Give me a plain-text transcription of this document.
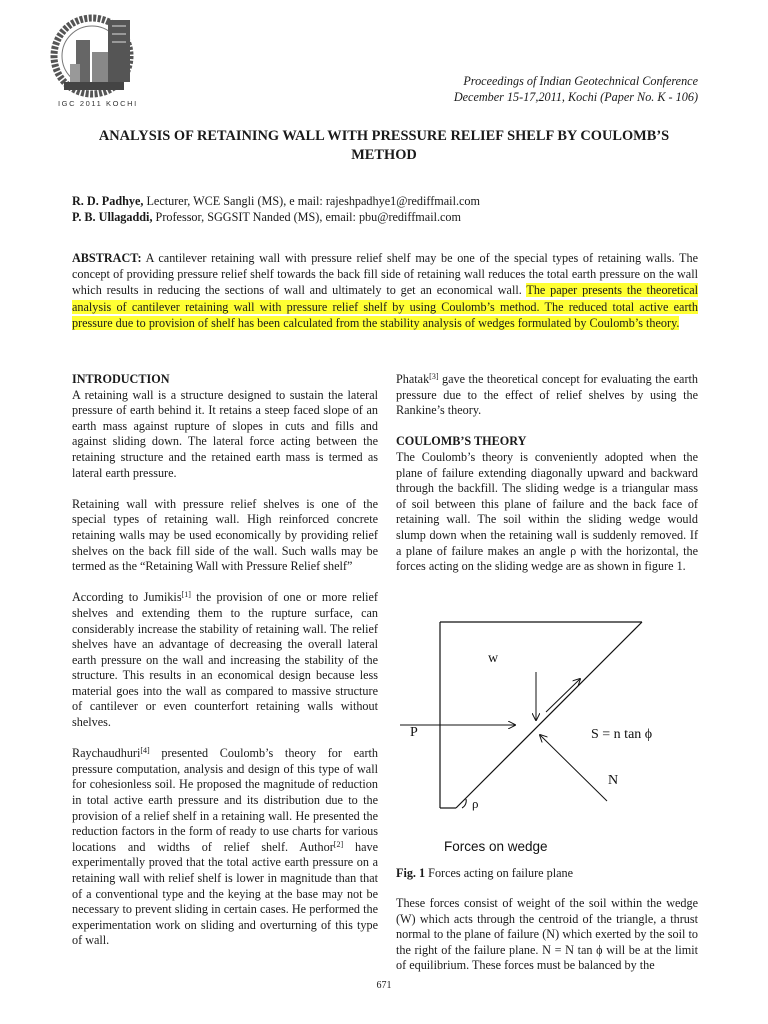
IGC 2011 KOCHI
Proceedings of Indian Geotechnical Conference
December 15-17,2011, Kochi (Paper No. K - 106)
ANALYSIS OF RETAINING WALL WITH PRESSURE RELIEF SHELF BY COULOMB’S METHOD
R. D. Padhye, Lecturer, WCE Sangli (MS), e mail: rajeshpadhye1@rediffmail.com
P. B. Ullagaddi, Professor, SGGSIT Nanded (MS), email: pbu@rediffmail.com
ABSTRACT: A cantilever retaining wall with pressure relief shelf may be one of the special types of retaining walls. The concept of providing pressure relief shelf towards the back fill side of retaining wall reduces the total earth pressure on the wall which results in reducing the sections of wall and ultimately to get an economical wall. The paper presents the theoretical analysis of cantilever retaining wall with pressure relief shelf by using Coulomb’s method. The reduced total active earth pressure due to provision of shelf has been calculated from the stability analysis of wedges formulated by Coulomb’s theory.
INTRODUCTION

A retaining wall is a structure designed to sustain the lateral pressure of earth behind it. It retains a steep faced slope of an earth mass against rupture of slopes in cuts and fills and against sliding down. The lateral force acting between the retaining structure and the retained earth mass is termed as lateral earth pressure.

Retaining wall with pressure relief shelves is one of the special types of retaining wall. High reinforced concrete retaining walls may be used economically by providing relief shelves on the back fill side of the wall. Such walls may be termed as the “Retaining Wall with Pressure Relief shelf”

According to Jumikis[1] the provision of one or more relief shelves and extending them to the rupture surface, can considerably increase the stability of retaining wall. The relief shelves have an advantage of decreasing the overall lateral earth pressure on the wall and increasing the stability of the structure. This results in an economical design because less material goes into the wall as compared to massive structure of cantilever or even counterfort retaining walls without shelves.

Raychaudhuri[4] presented Coulomb’s theory for earth pressure computation, analysis and design of this type of wall for cohesionless soil. He proposed the magnitude of reduction in total active earth pressure and its distribution due to the provision of a relief shelf in a retaining wall. He presented the reduction factors in the form of ready to use charts for various locations and widths of relief shelf. Author[2] have experimentally proved that the total active earth pressure on a retaining wall with relief shelf is lower in magnitude than that of a conventional type and the keying at the base may not be necessary to prevent sliding in certain cases. He performed the experimentation work on sliding and overturning of this type of wall.

Phatak[3] gave the theoretical concept for evaluating the earth pressure due to the effect of relief shelves by using the Rankine’s theory.

COULOMB’S THEORY

The Coulomb’s theory is conveniently adopted when the plane of failure extending diagonally upward and backward through the backfill. The sliding wedge is a triangular mass of soil between this plane of failure and the back face of retaining wall. The soil within the sliding wedge would slump down when the retaining wall is suddenly removed. If a plane of failure makes an angle ρ with the horizontal, the forces acting on the sliding wedge are as shown in figure 1.

w
P	S = n tan ϕ
N
ρ
Forces on wedge
Fig. 1 Forces acting on failure plane
These forces consist of weight of the soil within the wedge (W) which acts through the centroid of the triangle, a thrust normal to the plane of failure (N) which exerted by the soil to the right of the failure plane. N = N tan ϕ will be at the limit of equilibrium. These forces must be balanced by the
671
